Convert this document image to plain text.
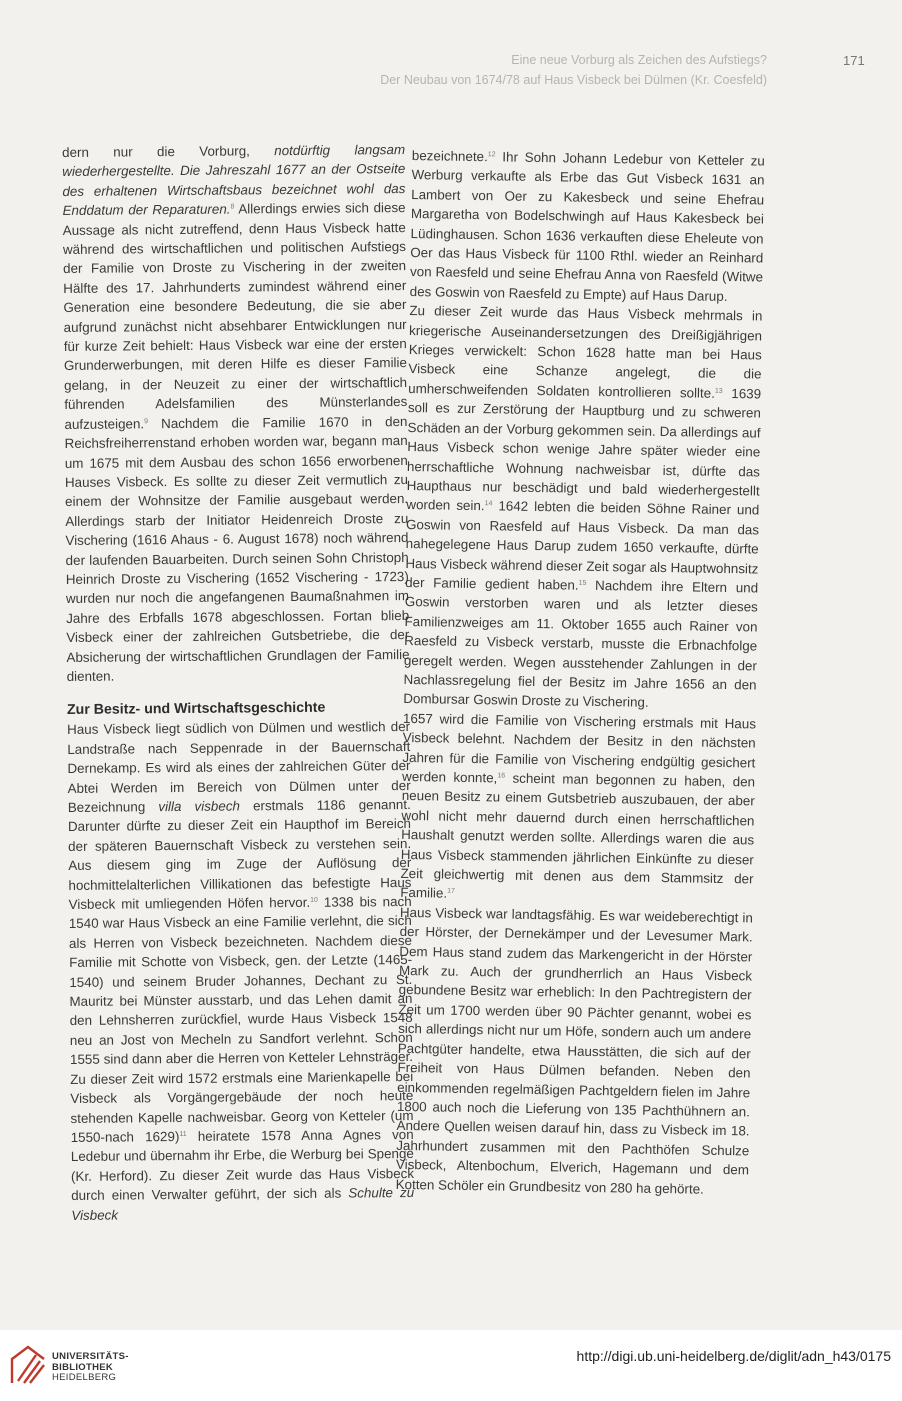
Eine neue Vorburg als Zeichen des Aufstiegs?
Der Neubau von 1674/78 auf Haus Visbeck bei Dülmen (Kr. Coesfeld)
171

dern nur die Vorburg, notdürftig langsam wiederhergestellte. Die Jahreszahl 1677 an der Ostseite des erhaltenen Wirtschaftsbaus bezeichnet wohl das Enddatum der Reparaturen.$^8$ Allerdings erwies sich diese Aussage als nicht zutreffend, denn Haus Visbeck hatte während des wirtschaftlichen und politischen Aufstiegs der Familie von Droste zu Vischering in der zweiten Hälfte des 17. Jahrhunderts zumindest während einer Generation eine besondere Bedeutung, die sie aber aufgrund zunächst nicht absehbarer Entwicklungen nur für kurze Zeit behielt: Haus Visbeck war eine der ersten Grunderwerbungen, mit deren Hilfe es dieser Familie gelang, in der Neuzeit zu einer der wirtschaftlich führenden Adelsfamilien des Münsterlandes aufzusteigen.$^9$ Nachdem die Familie 1670 in den Reichsfreiherrenstand erhoben worden war, begann man um 1675 mit dem Ausbau des schon 1656 erworbenen Hauses Visbeck. Es sollte zu dieser Zeit vermutlich zu einem der Wohnsitze der Familie ausgebaut werden. Allerdings starb der Initiator Heidenreich Droste zu Vischering (1616 Ahaus - 6. August 1678) noch während der laufenden Bauarbeiten. Durch seinen Sohn Christoph Heinrich Droste zu Vischering (1652 Vischering - 1723) wurden nur noch die angefangenen Baumaßnahmen im Jahre des Erbfalls 1678 abgeschlossen. Fortan blieb Visbeck einer der zahlreichen Gutsbetriebe, die der Absicherung der wirtschaftlichen Grundlagen der Familie dienten.

Zur Besitz- und Wirtschaftsgeschichte

Haus Visbeck liegt südlich von Dülmen und westlich der Landstraße nach Seppenrade in der Bauernschaft Dernekamp. Es wird als eines der zahlreichen Güter der Abtei Werden im Bereich von Dülmen unter der Bezeichnung villa visbech erstmals 1186 genannt. Darunter dürfte zu dieser Zeit ein Haupthof im Bereich der späteren Bauernschaft Visbeck zu verstehen sein. Aus diesem ging im Zuge der Auflösung der hochmittelalterlichen Villikationen das befestigte Haus Visbeck mit umliegenden Höfen hervor.$^{10}$ 1338 bis nach 1540 war Haus Visbeck an eine Familie verlehnt, die sich als Herren von Visbeck bezeichneten. Nachdem diese Familie mit Schotte von Visbeck, gen. der Letzte (1465-1540) und seinem Bruder Johannes, Dechant zu St. Mauritz bei Münster ausstarb, und das Lehen damit an den Lehnsherren zurückfiel, wurde Haus Visbeck 1548 neu an Jost von Mecheln zu Sandfort verlehnt. Schon 1555 sind dann aber die Herren von Ketteler Lehnsträger. Zu dieser Zeit wird 1572 erstmals eine Marienkapelle bei Visbeck als Vorgängergebäude der noch heute stehenden Kapelle nachweisbar. Georg von Ketteler (um 1550-nach 1629)$^{11}$ heiratete 1578 Anna Agnes von Ledebur und übernahm ihr Erbe, die Werburg bei Spenge (Kr. Herford). Zu dieser Zeit wurde das Haus Visbeck durch einen Verwalter geführt, der sich als Schulte zu Visbeck

bezeichnete.$^{12}$ Ihr Sohn Johann Ledebur von Ketteler zu Werburg verkaufte als Erbe das Gut Visbeck 1631 an Lambert von Oer zu Kakesbeck und seine Ehefrau Margaretha von Bodelschwingh auf Haus Kakesbeck bei Lüdinghausen. Schon 1636 verkauften diese Eheleute von Oer das Haus Visbeck für 1100 Rthl. wieder an Reinhard von Raesfeld und seine Ehefrau Anna von Raesfeld (Witwe des Goswin von Raesfeld zu Empte) auf Haus Darup.

Zu dieser Zeit wurde das Haus Visbeck mehrmals in kriegerische Auseinandersetzungen des Dreißigjährigen Krieges verwickelt: Schon 1628 hatte man bei Haus Visbeck eine Schanze angelegt, die die umherschweifenden Soldaten kontrollieren sollte.$^{13}$ 1639 soll es zur Zerstörung der Hauptburg und zu schweren Schäden an der Vorburg gekommen sein. Da allerdings auf Haus Visbeck schon wenige Jahre später wieder eine herrschaftliche Wohnung nachweisbar ist, dürfte das Haupthaus nur beschädigt und bald wiederhergestellt worden sein.$^{14}$ 1642 lebten die beiden Söhne Rainer und Goswin von Raesfeld auf Haus Visbeck. Da man das nahegelegene Haus Darup zudem 1650 verkaufte, dürfte Haus Visbeck während dieser Zeit sogar als Hauptwohnsitz der Familie gedient haben.$^{15}$ Nachdem ihre Eltern und Goswin verstorben waren und als letzter dieses Familienzweiges am 11. Oktober 1655 auch Rainer von Raesfeld zu Visbeck verstarb, musste die Erbnachfolge geregelt werden. Wegen ausstehender Zahlungen in der Nachlassregelung fiel der Besitz im Jahre 1656 an den Dombursar Goswin Droste zu Vischering.

1657 wird die Familie von Vischering erstmals mit Haus Visbeck belehnt. Nachdem der Besitz in den nächsten Jahren für die Familie von Vischering endgültig gesichert werden konnte,$^{16}$ scheint man begonnen zu haben, den neuen Besitz zu einem Gutsbetrieb auszubauen, der aber wohl nicht mehr dauernd durch einen herrschaftlichen Haushalt genutzt werden sollte. Allerdings waren die aus Haus Visbeck stammenden jährlichen Einkünfte zu dieser Zeit gleichwertig mit denen aus dem Stammsitz der Familie.$^{17}$

Haus Visbeck war landtagsfähig. Es war weideberechtigt in der Hörster, der Dernekämper und der Levesumer Mark. Dem Haus stand zudem das Markengericht in der Hörster Mark zu. Auch der grundherrlich an Haus Visbeck gebundene Besitz war erheblich: In den Pachtregistern der Zeit um 1700 werden über 90 Pächter genannt, wobei es sich allerdings nicht nur um Höfe, sondern auch um andere Pachtgüter handelte, etwa Hausstätten, die sich auf der Freiheit von Haus Dülmen befanden. Neben den einkommenden regelmäßigen Pachtgeldern fielen im Jahre 1800 auch noch die Lieferung von 135 Pachthühnern an. Andere Quellen weisen darauf hin, dass zu Visbeck im 18. Jahrhundert zusammen mit den Pachthöfen Schulze Visbeck, Altenbochum, Elverich, Hagemann und dem Kotten Schöler ein Grundbesitz von 280 ha gehörte.

UNIVERSITÄTS-
BIBLIOTHEK
HEIDELBERG
http://digi.ub.uni-heidelberg.de/diglit/adn_h43/0175
